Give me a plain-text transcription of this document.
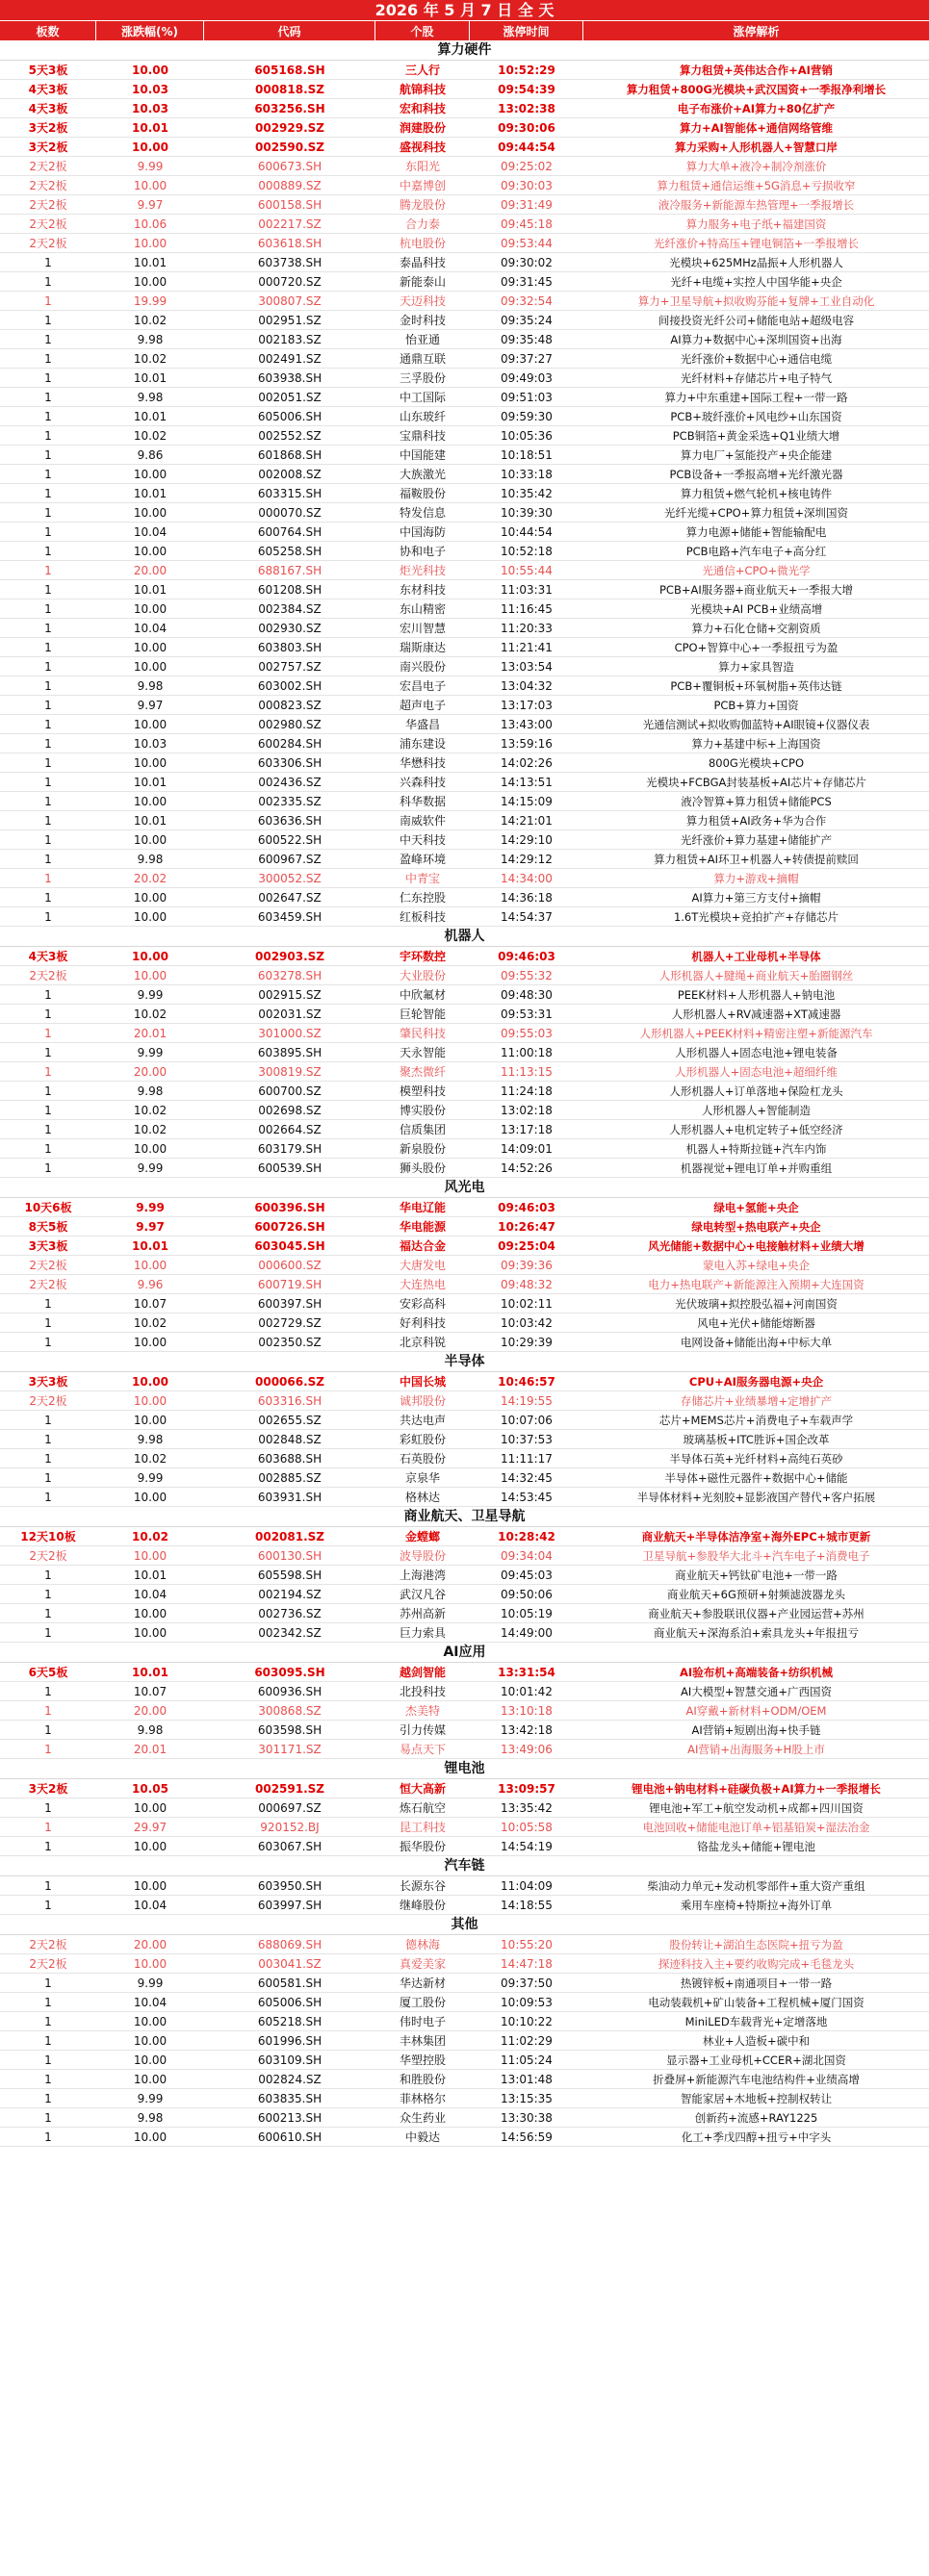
2026 年 5 月 7 日 全 天
板数	涨跌幅(%)	代码	个股	涨停时间	涨停解析
算力硬件
5天3板	10.00	605168.SH	三人行	10:52:29	算力租赁+英伟达合作+AI营销
4天3板	10.03	000818.SZ	航锦科技	09:54:39	算力租赁+800G光模块+武汉国资+一季报净利增长
4天3板	10.03	603256.SH	宏和科技	13:02:38	电子布涨价+AI算力+80亿扩产
3天2板	10.01	002929.SZ	润建股份	09:30:06	算力+AI智能体+通信网络管维
3天2板	10.00	002590.SZ	盛视科技	09:44:54	算力采购+人形机器人+智慧口岸
2天2板	9.99	600673.SH	东阳光	09:25:02	算力大单+液冷+制冷剂涨价
2天2板	10.00	000889.SZ	中嘉博创	09:30:03	算力租赁+通信运维+5G消息+亏损收窄
2天2板	9.97	600158.SH	腾龙股份	09:31:49	液冷服务+新能源车热管理+一季报增长
2天2板	10.06	002217.SZ	合力泰	09:45:18	算力服务+电子纸+福建国资
2天2板	10.00	603618.SH	杭电股份	09:53:44	光纤涨价+特高压+锂电铜箔+一季报增长
1	10.01	603738.SH	泰晶科技	09:30:02	光模块+625MHz晶振+人形机器人
1	10.00	000720.SZ	新能泰山	09:31:45	光纤+电缆+实控人中国华能+央企
1	19.99	300807.SZ	天迈科技	09:32:54	算力+卫星导航+拟收购芬能+复牌+工业自动化
1	10.02	002951.SZ	金时科技	09:35:24	间接投资光纤公司+储能电站+超级电容
1	9.98	002183.SZ	怡亚通	09:35:48	AI算力+数据中心+深圳国资+出海
1	10.02	002491.SZ	通鼎互联	09:37:27	光纤涨价+数据中心+通信电缆
1	10.01	603938.SH	三孚股份	09:49:03	光纤材料+存储芯片+电子特气
1	9.98	002051.SZ	中工国际	09:51:03	算力+中东重建+国际工程+一带一路
1	10.01	605006.SH	山东玻纤	09:59:30	PCB+玻纤涨价+风电纱+山东国资
1	10.02	002552.SZ	宝鼎科技	10:05:36	PCB铜箔+黄金采选+Q1业绩大增
1	9.86	601868.SH	中国能建	10:18:51	算力电厂+氢能投产+央企能建
1	10.00	002008.SZ	大族激光	10:33:18	PCB设备+一季报高增+光纤激光器
1	10.01	603315.SH	福鞍股份	10:35:42	算力租赁+燃气轮机+核电铸件
1	10.00	000070.SZ	特发信息	10:39:30	光纤光缆+CPO+算力租赁+深圳国资
1	10.04	600764.SH	中国海防	10:44:54	算力电源+储能+智能输配电
1	10.00	605258.SH	协和电子	10:52:18	PCB电路+汽车电子+高分红
1	20.00	688167.SH	炬光科技	10:55:44	光通信+CPO+微光学
1	10.01	601208.SH	东材科技	11:03:31	PCB+AI服务器+商业航天+一季报大增
1	10.00	002384.SZ	东山精密	11:16:45	光模块+AI PCB+业绩高增
1	10.04	002930.SZ	宏川智慧	11:20:33	算力+石化仓储+交割资质
1	10.00	603803.SH	瑞斯康达	11:21:41	CPO+智算中心+一季报扭亏为盈
1	10.00	002757.SZ	南兴股份	13:03:54	算力+家具智造
1	9.98	603002.SH	宏昌电子	13:04:32	PCB+覆铜板+环氧树脂+英伟达链
1	9.97	000823.SZ	超声电子	13:17:03	PCB+算力+国资
1	10.00	002980.SZ	华盛昌	13:43:00	光通信测试+拟收购伽蓝特+AI眼镜+仪器仪表
1	10.03	600284.SH	浦东建设	13:59:16	算力+基建中标+上海国资
1	10.00	603306.SH	华懋科技	14:02:26	800G光模块+CPO
1	10.01	002436.SZ	兴森科技	14:13:51	光模块+FCBGA封装基板+AI芯片+存储芯片
1	10.00	002335.SZ	科华数据	14:15:09	液冷智算+算力租赁+储能PCS
1	10.01	603636.SH	南威软件	14:21:01	算力租赁+AI政务+华为合作
1	10.00	600522.SH	中天科技	14:29:10	光纤涨价+算力基建+储能扩产
1	9.98	600967.SZ	盈峰环境	14:29:12	算力租赁+AI环卫+机器人+转债提前赎回
1	20.02	300052.SZ	中青宝	14:34:00	算力+游戏+摘帽
1	10.00	002647.SZ	仁东控股	14:36:18	AI算力+第三方支付+摘帽
1	10.00	603459.SH	红板科技	14:54:37	1.6T光模块+竞拍扩产+存储芯片
机器人
4天3板	10.00	002903.SZ	宇环数控	09:46:03	机器人+工业母机+半导体
2天2板	10.00	603278.SH	大业股份	09:55:32	人形机器人+腱绳+商业航天+胎圈钢丝
1	9.99	002915.SZ	中欣氟材	09:48:30	PEEK材料+人形机器人+钠电池
1	10.02	002031.SZ	巨轮智能	09:53:31	人形机器人+RV减速器+XT减速器
1	20.01	301000.SZ	肇民科技	09:55:03	人形机器人+PEEK材料+精密注塑+新能源汽车
1	9.99	603895.SH	天永智能	11:00:18	人形机器人+固态电池+锂电装备
1	20.00	300819.SZ	聚杰微纤	11:13:15	人形机器人+固态电池+超细纤维
1	9.98	600700.SZ	模塑科技	11:24:18	人形机器人+订单落地+保险杠龙头
1	10.02	002698.SZ	博实股份	13:02:18	人形机器人+智能制造
1	10.02	002664.SZ	信质集团	13:17:18	人形机器人+电机定转子+低空经济
1	10.00	603179.SH	新泉股份	14:09:01	机器人+特斯拉链+汽车内饰
1	9.99	600539.SH	狮头股份	14:52:26	机器视觉+锂电订单+并购重组
风光电
10天6板	9.99	600396.SH	华电辽能	09:46:03	绿电+氢能+央企
8天5板	9.97	600726.SH	华电能源	10:26:47	绿电转型+热电联产+央企
3天3板	10.01	603045.SH	福达合金	09:25:04	风光储能+数据中心+电接触材料+业绩大增
2天2板	10.00	000600.SZ	大唐发电	09:39:36	蒙电入苏+绿电+央企
2天2板	9.96	600719.SH	大连热电	09:48:32	电力+热电联产+新能源注入预期+大连国资
1	10.07	600397.SH	安彩高科	10:02:11	光伏玻璃+拟控股弘福+河南国资
1	10.02	002729.SZ	好利科技	10:03:42	风电+光伏+储能熔断器
1	10.00	002350.SZ	北京科锐	10:29:39	电网设备+储能出海+中标大单
半导体
3天3板	10.00	000066.SZ	中国长城	10:46:57	CPU+AI服务器电源+央企
2天2板	10.00	603316.SH	诚邦股份	14:19:55	存储芯片+业绩暴增+定增扩产
1	10.00	002655.SZ	共达电声	10:07:06	芯片+MEMS芯片+消费电子+车载声学
1	9.98	002848.SZ	彩虹股份	10:37:53	玻璃基板+ITC胜诉+国企改革
1	10.02	603688.SH	石英股份	11:11:17	半导体石英+光纤材料+高纯石英砂
1	9.99	002885.SZ	京泉华	14:32:45	半导体+磁性元器件+数据中心+储能
1	10.00	603931.SH	格林达	14:53:45	半导体材料+光刻胶+显影液国产替代+客户拓展
商业航天、卫星导航
12天10板	10.02	002081.SZ	金螳螂	10:28:42	商业航天+半导体洁净室+海外EPC+城市更新
2天2板	10.00	600130.SH	波导股份	09:34:04	卫星导航+参股华大北斗+汽车电子+消费电子
1	10.01	605598.SH	上海港湾	09:45:03	商业航天+钙钛矿电池+一带一路
1	10.04	002194.SZ	武汉凡谷	09:50:06	商业航天+6G预研+射频滤波器龙头
1	10.00	002736.SZ	苏州高新	10:05:19	商业航天+参股联讯仪器+产业园运营+苏州
1	10.00	002342.SZ	巨力索具	14:49:00	商业航天+深海系泊+索具龙头+年报扭亏
AI应用
6天5板	10.01	603095.SH	越剑智能	13:31:54	AI验布机+高端装备+纺织机械
1	10.07	600936.SH	北投科技	10:01:42	AI大模型+智慧交通+广西国资
1	20.00	300868.SZ	杰美特	13:10:18	AI穿戴+新材料+ODM/OEM
1	9.98	603598.SH	引力传媒	13:42:18	AI营销+短剧出海+快手链
1	20.01	301171.SZ	易点天下	13:49:06	AI营销+出海服务+H股上市
锂电池
3天2板	10.05	002591.SZ	恒大高新	13:09:57	锂电池+钠电材料+硅碳负极+AI算力+一季报增长
1	10.00	000697.SZ	炼石航空	13:35:42	锂电池+军工+航空发动机+成都+四川国资
1	29.97	920152.BJ	昆工科技	10:05:58	电池回收+储能电池订单+铝基铅炭+湿法冶金
1	10.00	603067.SH	振华股份	14:54:19	铬盐龙头+储能+锂电池
汽车链
1	10.00	603950.SH	长源东谷	11:04:09	柴油动力单元+发动机零部件+重大资产重组
1	10.04	603997.SH	继峰股份	14:18:55	乘用车座椅+特斯拉+海外订单
其他
2天2板	20.00	688069.SH	德林海	10:55:20	股份转让+湖泊生态医院+扭亏为盈
2天2板	10.00	003041.SZ	真爱美家	14:47:18	探迹科技入主+要约收购完成+毛毯龙头
1	9.99	600581.SH	华达新材	09:37:50	热镀锌板+南通项目+一带一路
1	10.04	605006.SH	厦工股份	10:09:53	电动装载机+矿山装备+工程机械+厦门国资
1	10.00	605218.SH	伟时电子	10:10:22	MiniLED车载背光+定增落地
1	10.00	601996.SH	丰林集团	11:02:29	林业+人造板+碳中和
1	10.00	603109.SH	华塑控股	11:05:24	显示器+工业母机+CCER+湖北国资
1	10.00	002824.SZ	和胜股份	13:01:48	折叠屏+新能源汽车电池结构件+业绩高增
1	9.99	603835.SH	菲林格尔	13:15:35	智能家居+木地板+控制权转让
1	9.98	600213.SH	众生药业	13:30:38	创新药+流感+RAY1225
1	10.00	600610.SH	中毅达	14:56:59	化工+季戊四醇+扭亏+中字头
